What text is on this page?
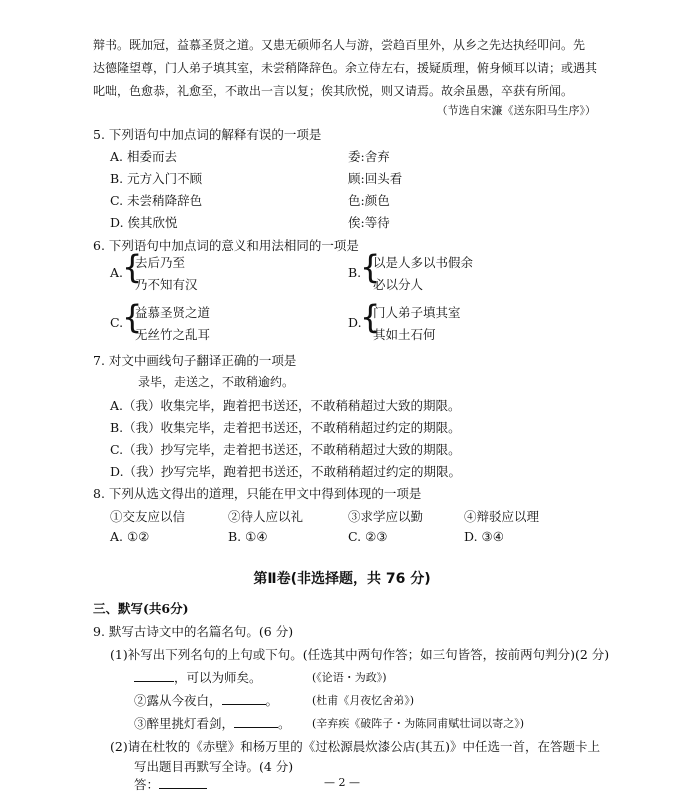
辩书。既加冠，益慕圣贤之道。又患无硕师名人与游，尝趋百里外，从乡之先达执经叩问。先
达德隆望尊，门人弟子填其室，未尝稍降辞色。余立侍左右，援疑质理，俯身倾耳以请；或遇其
叱咄，色愈恭，礼愈至，不敢出一言以复；俟其欣悦，则又请焉。故余虽愚，卒获有所闻。
（节选自宋濂《送东阳马生序》）
5. 下列语句中加点词的解释有误的一项是
A. 相委而去	委:舍弃
B. 元方入门不顾	顾:回头看
C. 未尝稍降辞色	色:颜色
D. 俟其欣悦	俟:等待
6. 下列语句中加点词的意义和用法相同的一项是
A.
{
去后乃至
乃不知有汉
B.
{
以是人多以书假余
必以分人
C.
{
益慕圣贤之道
无丝竹之乱耳
D.
{
门人弟子填其室
其如土石何
7. 对文中画线句子翻译正确的一项是
录毕，走送之，不敢稍逾约。
A.（我）收集完毕，跑着把书送还，不敢稍稍超过大致的期限。
B.（我）收集完毕，走着把书送还，不敢稍稍超过约定的期限。
C.（我）抄写完毕，走着把书送还，不敢稍稍超过大致的期限。
D.（我）抄写完毕，跑着把书送还，不敢稍稍超过约定的期限。
8. 下列从选文得出的道理，只能在甲文中得到体现的一项是
①交友应以信	②待人应以礼	③求学应以勤	④辩驳应以理
A. ①②	B. ①④	C. ②③	D. ③④
第Ⅱ卷(非选择题，共 76 分)
三、默写(共6分)
9. 默写古诗文中的名篇名句。(6 分)
(1)补写出下列名句的上句或下句。(任选其中两句作答；如三句皆答，按前两句判分)(2 分)
，可以为师矣。	(《论语・为政》)
②露从今夜白，	。	(杜甫《月夜忆舍弟》)
③醉里挑灯看剑，	。 (辛弃疾《破阵子・为陈同甫赋壮词以寄之》)
(2)请在杜牧的《赤壁》和杨万里的《过松源晨炊漆公店(其五)》中任选一首，在答题卡上
写出题目再默写全诗。(4 分)
答：	— 2 —
